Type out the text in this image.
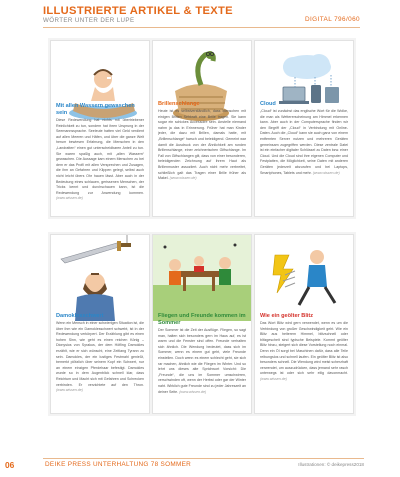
ILLUSTRIERTE ARTIKEL & TEXTE
WÖRTER UNTER DER LUPE	DIGITAL 796/060
Mit allen Wassern gewaschen sein
Diese Redewendung hat nichts mit übertriebener Reinlichkeit zu tun, sondern hat ihren Ursprung in der Seemannssprache. Seeleute hatten viel Geld verdient auf allen Meeren und Häfen, und über die ganze Welt herum bewiesen Erfahrung, die Menschen in den „Landratten“ einen gut unterscheidbaren Anteil zu tun. Sie waren spaßig auch, mit „allen Wassern“ gewaschen. Die Aussage kam einem Menschen zu bei dem er das Profil mit allen Versprechen und Zusagen, die ihm an Gefahren und Klippen gelegt, selbst auch nicht leicht übers Ohr hauen lässt. Aber auch in der Bedeutung eines schlauen, gerissenen Menschen, der Tricks kennt und durchschauen kann, ist die Redewendung zur Anwendung kommen. (www.wissen.de)
Brillenschlange
Heute ist es selbstverständlich, dass Menschen mit einigen Brillen Sehkraft eine Brille tragen. Sie kann sogar ein schickes Accessoire sein. Anstelle niemand nahm ja das in Erinnerung. Früher hat man Kinder jeder, die dazu mit Brillen, damals hatte, mit „Brillenschlange“ harsch und beleidigend. Gemeint war damit die Ausdruck von der Ähnlichkeit am runden Brillenschlange, einer zeichnerischen Giftschlange. Im Fall von Giftschlangen gilt, dass von einer besonderen, beleidigenden Zeichnung auf ihrem Haut als Brillenmuster assoziiert. Auch nicht mehr verbreitet, schließlich galt das Tragen einer Brille früher als Makel. (www.wissen.de)
Cloud
„Cloud“ ist zunächst das englische Wort für die Wolke, die man als Wettererscheinung am Himmel erkennen kann. Aber auch in der Computersprache finden wir den Begriff der „Cloud“ in Verbindung mit Online-Daten. Auch die „Cloud“ kann sie auch ganz von einem entfernten Server nutzen und mehreren Geräten gemeinsam zugegriffen werden. Diese zentrale Datei ist ein einfacher digitaler Schlüssel zu Daten bzw. einer Cloud. Und die Cloud sind ihre eigenen Computer und Festplatten, die Möglichkeit, seine Daten mit anderen Geräten jederzeit abzurufen und bei Laptops, Smartphones, Tablets und mehr. (www.wissen.de)
Damoklesschwert
Wenn ein Mensch in einer schwierigen Situation ist, die über ihm wie ein Damoklesschwert schwebt, ist in der Redewendung verkörpert. Der Erzählung gibt es einen hohen Sinn, wie geht es einen reichen König – Dionysios von Syrakus, der dem Höfling Damokles erzählt, wie er sich wünscht, eine Zeitlang Tyrann zu sein. Damokles, der ein lustiges Festmahl genießt, bemerkt plötzlich über seinem Kopf ein Schwert, nur an einem einzigen Pferdehaar befestigt. Damokles wurde so in dem Augenblick schnell klar, dass Reichtum und Macht sich mit Gefahren und Schrecken verbinden. Er verzichtete auf den Thron. (www.wissen.de)
Fliegen und Freunde kommen im Sommer
Der Sommer ist die Zeit der Ausflüge. Fliegen, so sagt man, halten sich besonders gern im Haus auf, es ist warm und die Fenster sind offen. Freunde verhalten sich ähnlich. Die Wendung bedeutet, dass sich im Sommer, wenn es einem gut geht, viele Freunde einstellen. Doch wenn es einem schlecht geht, sie sich rar machen, ähnlich wie die Fliegen im Winter. Und so lehrt uns dieses alte Sprichwort Vorsicht: Die „Freunde“, die uns im Sommer umschwirren, verschwinden oft, wenn der Herbst oder gar der Winter naht. Wirklich gute Freunde sind zu jeder Jahreszeit an deiner Seite. (www.wissen.de)
Wie ein geölter Blitz
Das Wort Blitz wird gern verwendet, wenn es um die Verbindung von großer Geschwindigkeit geht. Wie ein Blitz aus heiterem Himmel, blitzschnell oder blitzgescheit sind typische Beispiele. Kommt geölter Blitz hinzu, steigert sich diese Vorstellung noch einmal. Denn ein Öl sorgt bei Maschinen dafür, dass alle Teile reibungslos und schnell laufen. Ein geölter Blitz ist also besonders schnell. Die Wendung wird meist scherzhaft verwendet, um auszudrücken, dass jemand sehr rasch unterwegs ist oder sich sehr eilig davonmacht. (www.wissen.de)
06	DEIKE PRESS UNTERHALTUNG 78 SOMMER	Illustrationen: © deikepress2018
